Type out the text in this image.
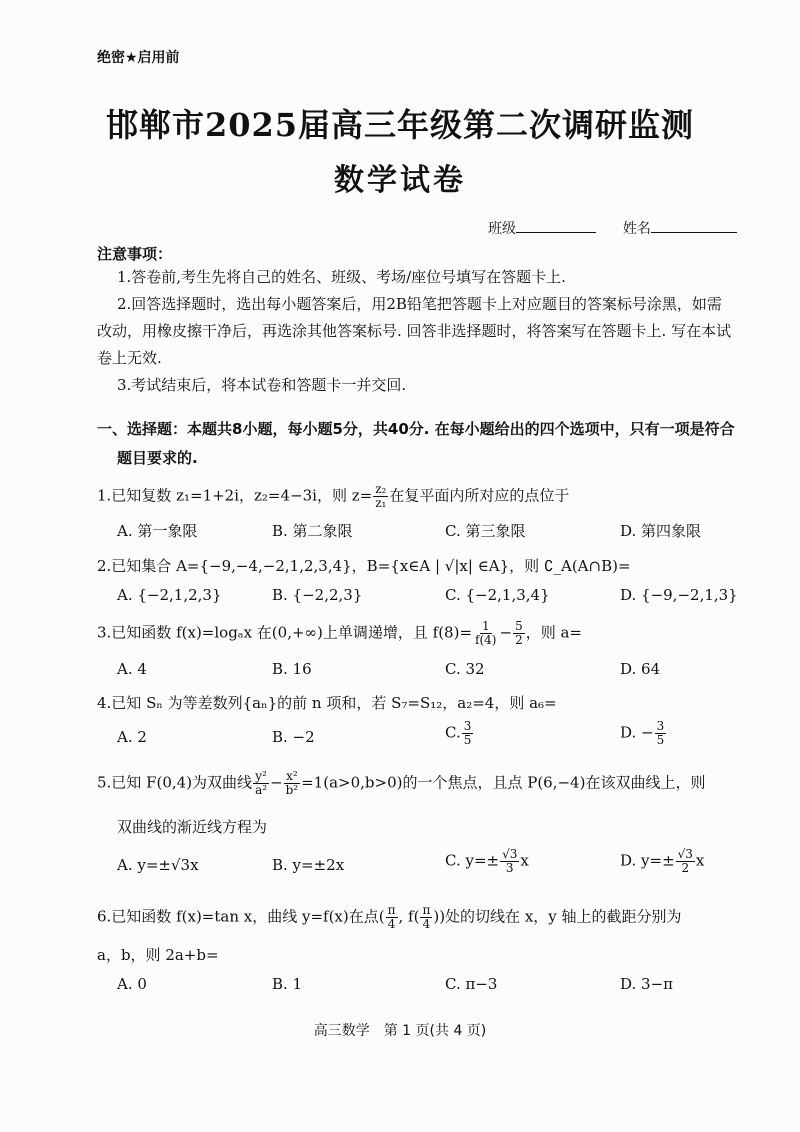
绝密★启用前
邯郸市2025届高三年级第二次调研监测
数学试卷
班级	姓名
注意事项：
1.答卷前,考生先将自己的姓名、班级、考场/座位号填写在答题卡上.
2.回答选择题时，选出每小题答案后，用2B铅笔把答题卡上对应题目的答案标号涂黑，如需
改动，用橡皮擦干净后，再选涂其他答案标号. 回答非选择题时，将答案写在答题卡上. 写在本试
卷上无效.
3.考试结束后，将本试卷和答题卡一并交回.
一、选择题：本题共8小题，每小题5分，共40分. 在每小题给出的四个选项中，只有一项是符合
题目要求的.
1.已知复数 z₁=1+2i，z₂=4−3i，则 $z= \frac{\text{z₂}}{\text{z₁}}$ 在复平面内所对应的点位于
A. 第一象限	B. 第二象限	C. 第三象限	D. 第四象限
2.已知集合 A={−9,−4,−2,1,2,3,4}，B={x∈A | √|x| ∈A}，则 ∁_A(A∩B)=
A. {−2,1,2,3}	B. {−2,2,3}	C. {−2,1,3,4}	D. {−9,−2,1,3}
3.已知函数 f(x)=logₐx 在(0,+∞)上单调递增，且 $f(8)= \frac{1}{f(4)} - \frac{5}{2}$ ，则 a=
A. 4	B. 16	C. 32	D. 64
4.已知 Sₙ 为等差数列{aₙ}的前 n 项和，若 S₇=S₁₂，a₂=4，则 a₆=
A. 2	B. −2	C. $\frac{3}{5}$	D. − $\frac{3}{5}$
5.已知 F(0,4)为双曲线 $\frac{\text{y²}}{\text{a²}} - \frac{\text{x²}}{\text{b²}} =1(a>0,b>0)$的一个焦点，且点 P(6,−4)在该双曲线上，则
双曲线的渐近线方程为
A. y=±√3x	B. y=±2x	C. $y=\pm \frac{√3}{3}$ x	D. $y=\pm \frac{√3}{2}$ x
6.已知函数 f(x)=tan x，曲线 y=f(x)在点( $\frac{\pi}{4}$ , $f( \frac{\pi}{4}$ ))处的切线在 x，y 轴上的截距分别为
a，b，则 2a+b=
A. 0	B. 1	C. π−3	D. 3−π
高三数学　第 1 页(共 4 页)
